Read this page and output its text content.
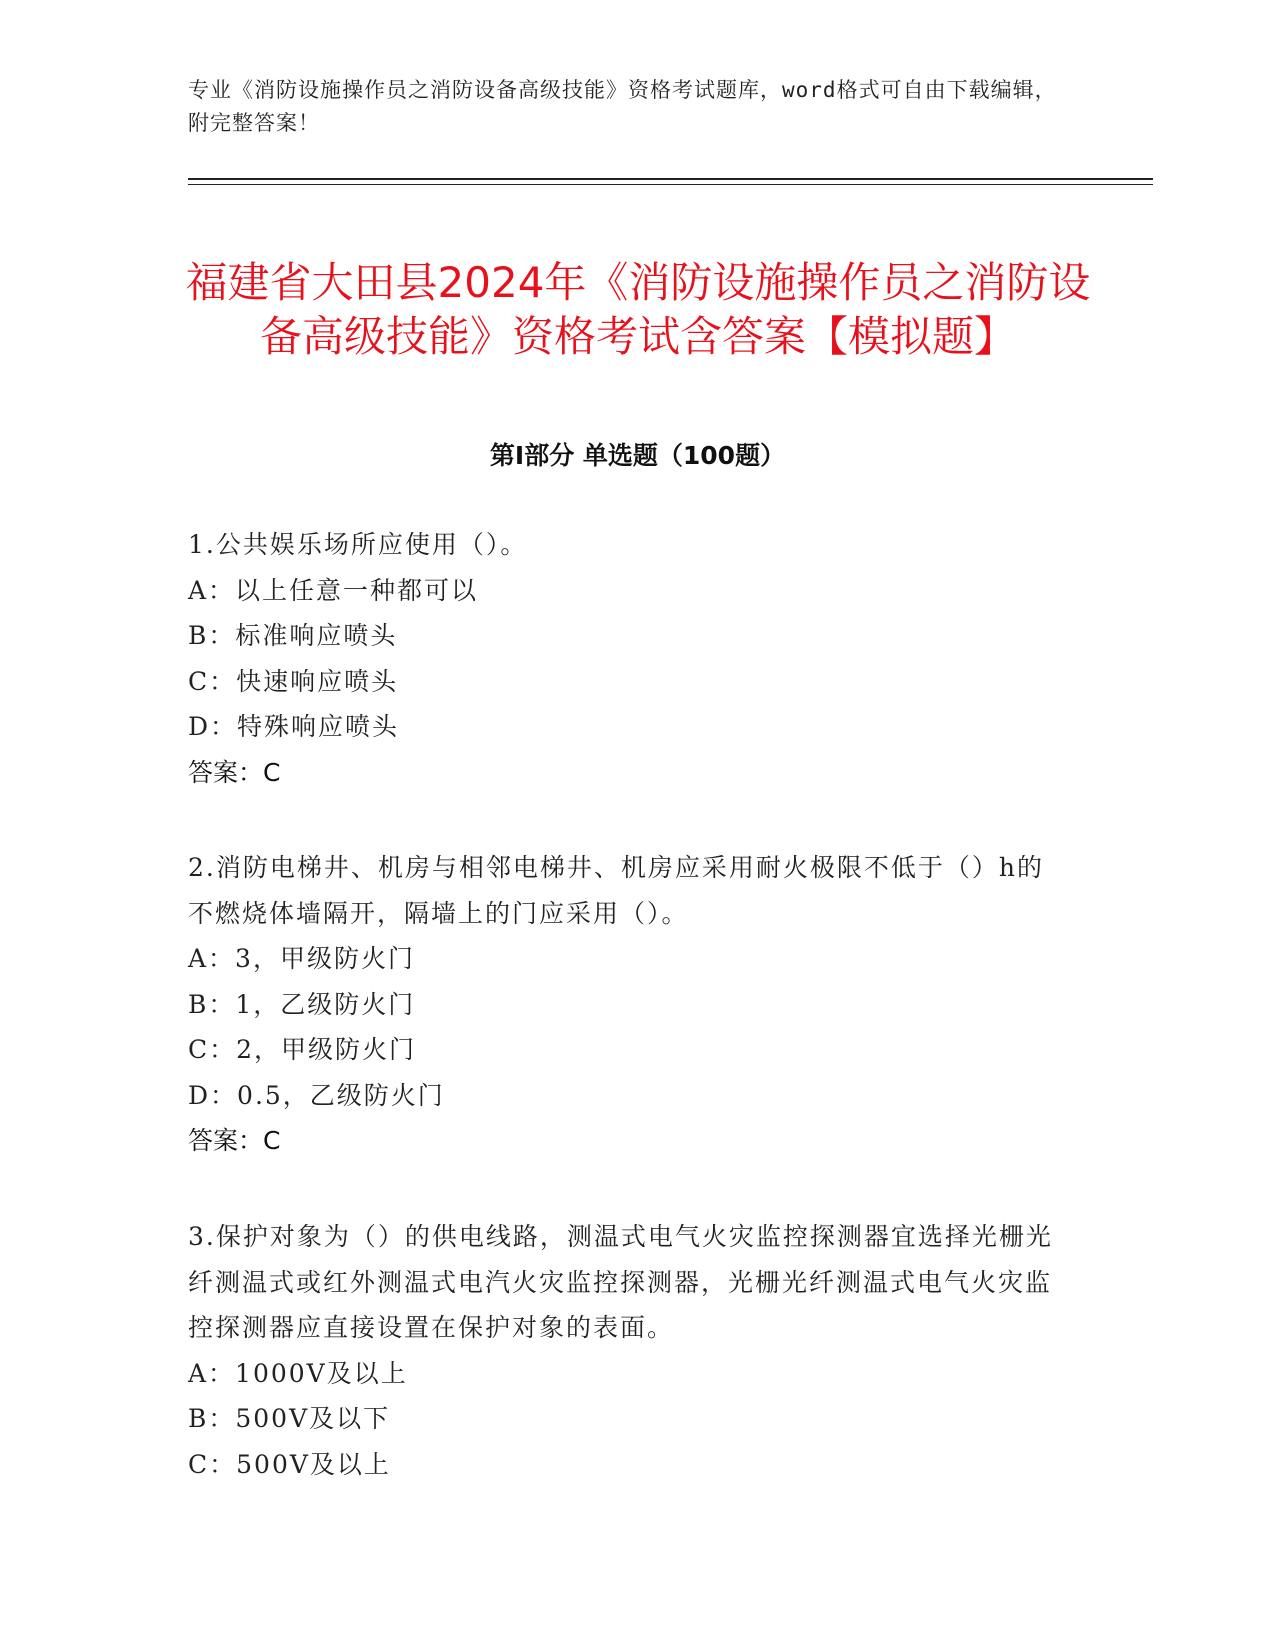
专业《消防设施操作员之消防设备高级技能》资格考试题库，word格式可自由下载编辑，附完整答案！
福建省大田县2024年《消防设施操作员之消防设备高级技能》资格考试含答案【模拟题】
第I部分 单选题（100题）

1.公共娱乐场所应使用（）。

A：以上任意一种都可以

B：标准响应喷头

C：快速响应喷头

D：特殊响应喷头

答案：C

2.消防电梯井、机房与相邻电梯井、机房应采用耐火极限不低于（）h的不燃烧体墙隔开，隔墙上的门应采用（）。

A：3，甲级防火门

B：1，乙级防火门

C：2，甲级防火门

D：0.5，乙级防火门

答案：C

3.保护对象为（）的供电线路，测温式电气火灾监控探测器宜选择光栅光纤测温式或红外测温式电汽火灾监控探测器，光栅光纤测温式电气火灾监控探测器应直接设置在保护对象的表面。

A：1000V及以上

B：500V及以下

C：500V及以上
